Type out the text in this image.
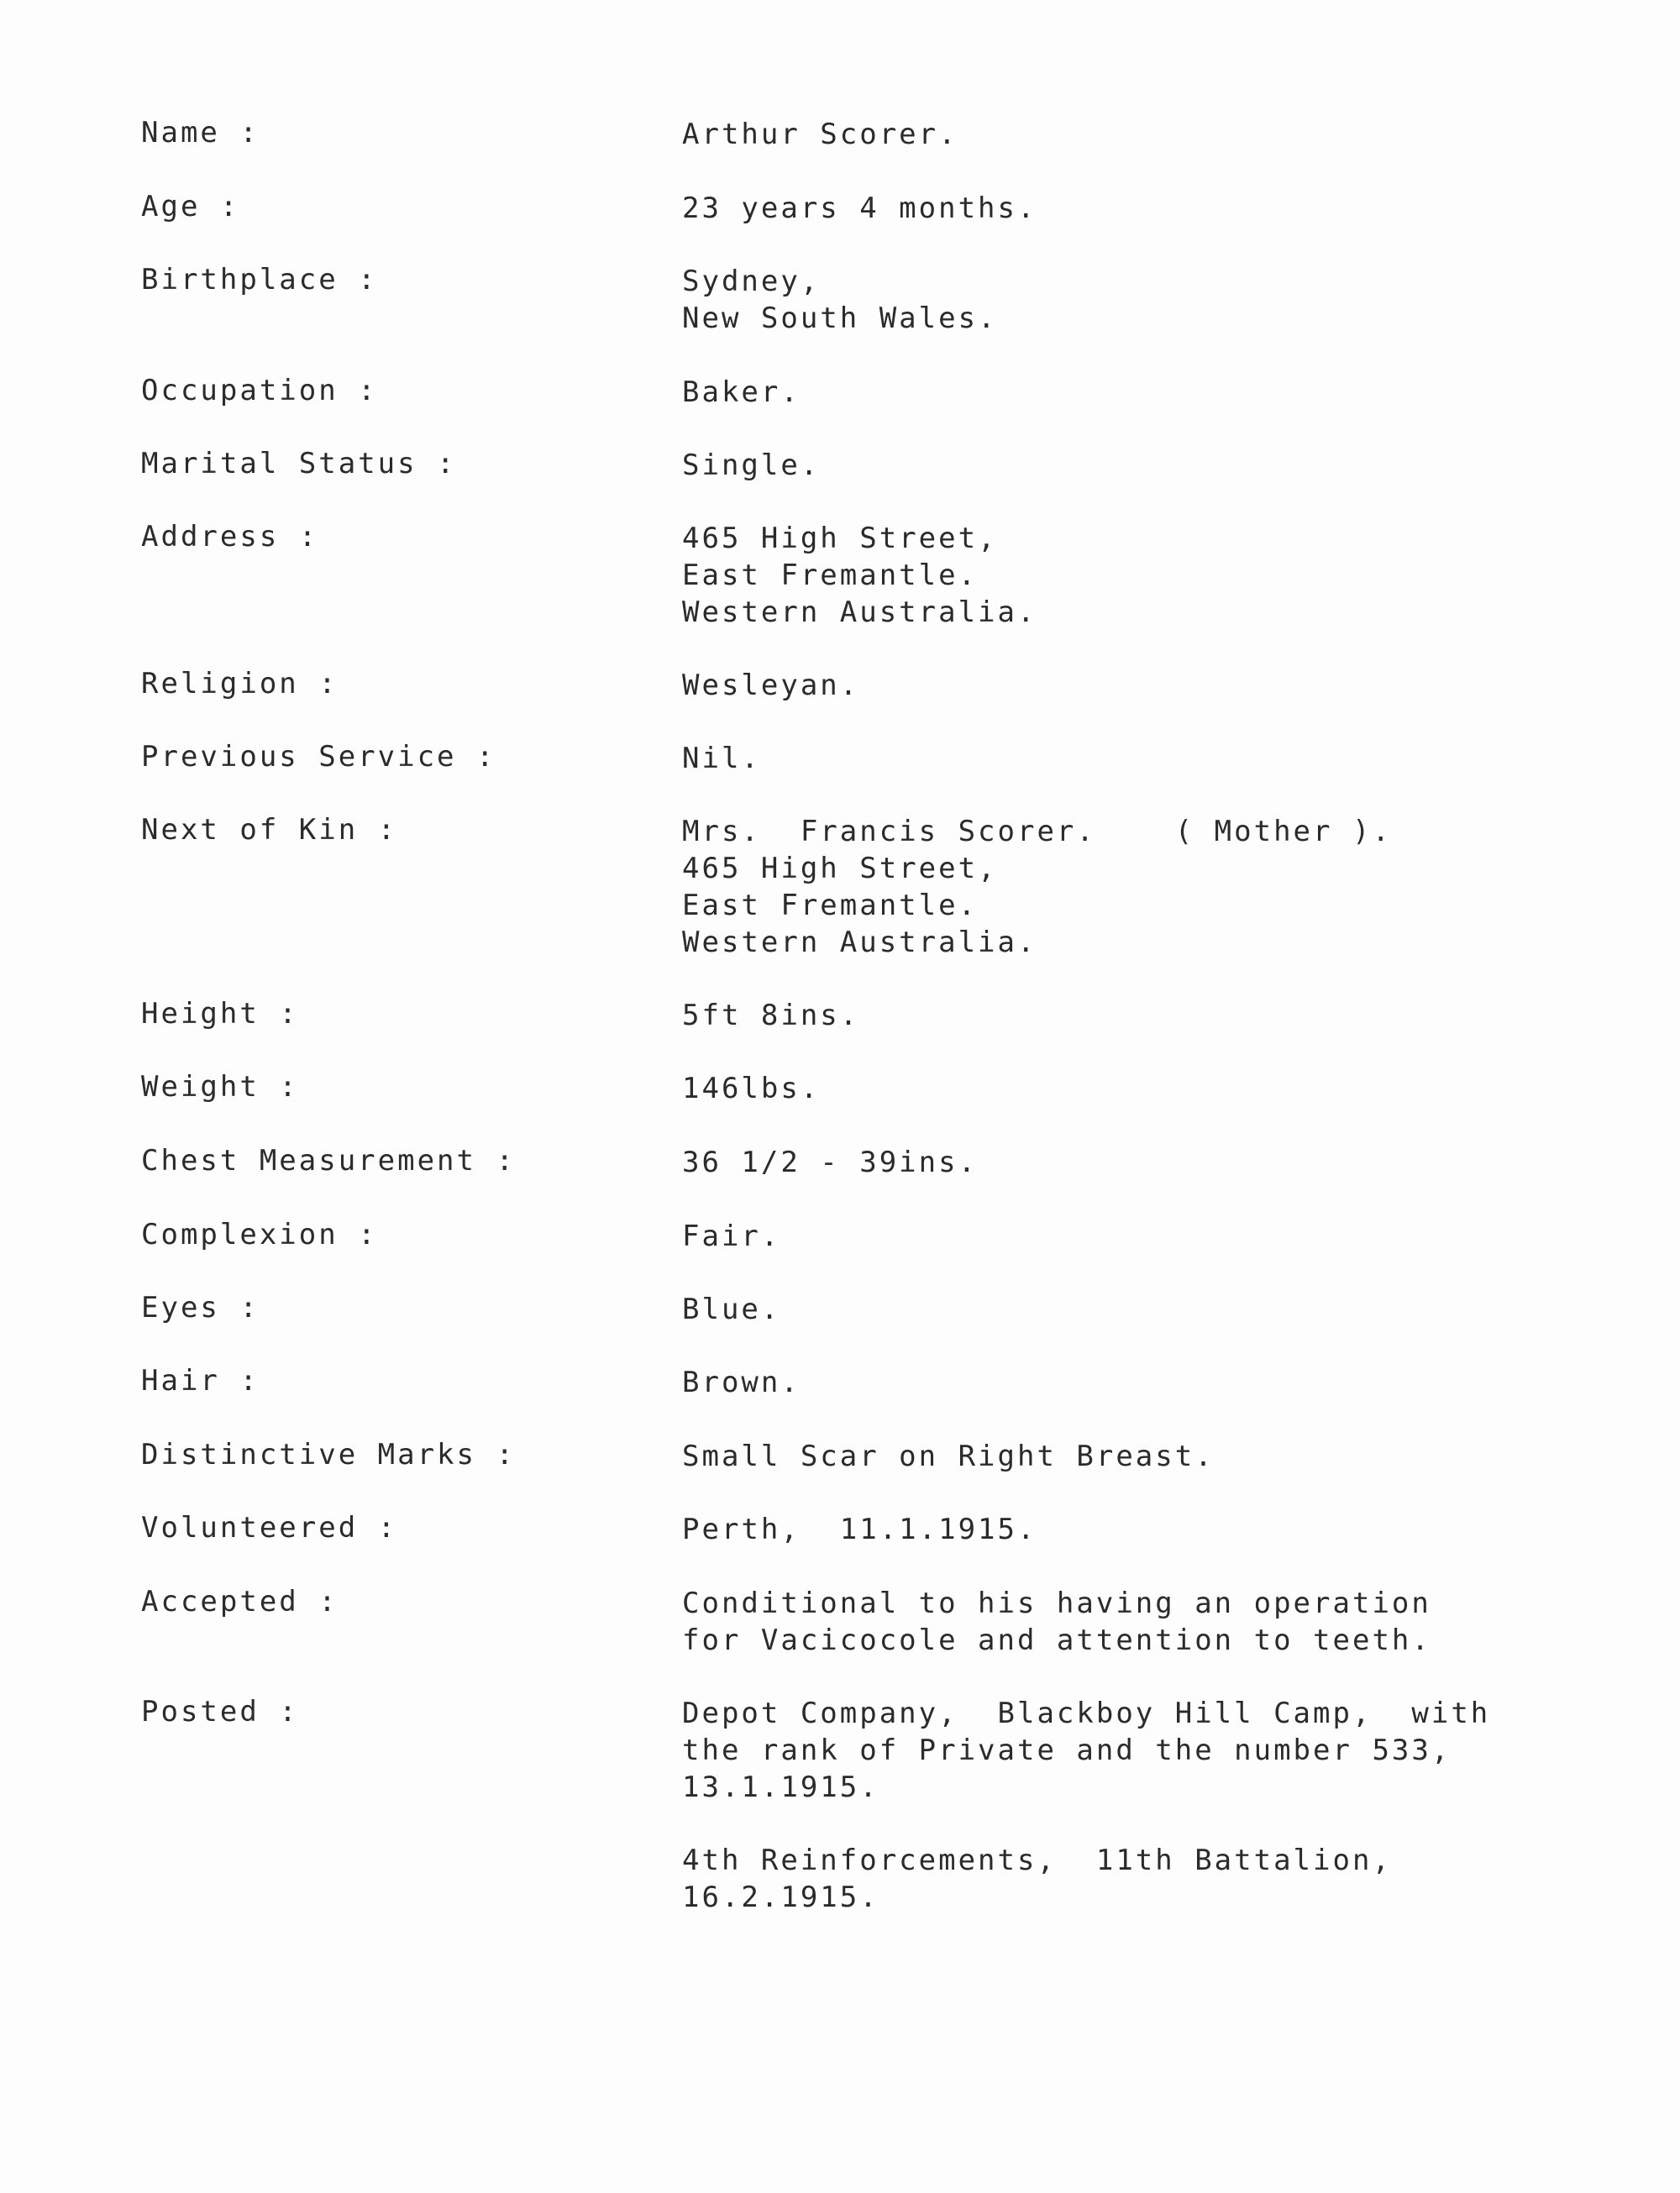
Name :	Arthur Scorer.
Age :	23 years 4 months.
Birthplace :	Sydney,
New South Wales.
Occupation :	Baker.
Marital Status :	Single.
Address :	465 High Street,
East Fremantle.
Western Australia.
Religion :	Wesleyan.
Previous Service :	Nil.
Next of Kin :	Mrs.  Francis Scorer.    ( Mother ).
465 High Street,
East Fremantle.
Western Australia.
Height :	5ft 8ins.
Weight :	146lbs.
Chest Measurement :	36 1/2 - 39ins.
Complexion :	Fair.
Eyes :	Blue.
Hair :	Brown.
Distinctive Marks :	Small Scar on Right Breast.
Volunteered :	Perth,  11.1.1915.
Accepted :	Conditional to his having an operation
for Vacicocole and attention to teeth.
Posted :	Depot Company,  Blackboy Hill Camp,  with
the rank of Private and the number 533,
13.1.1915.
4th Reinforcements,  11th Battalion,
16.2.1915.
